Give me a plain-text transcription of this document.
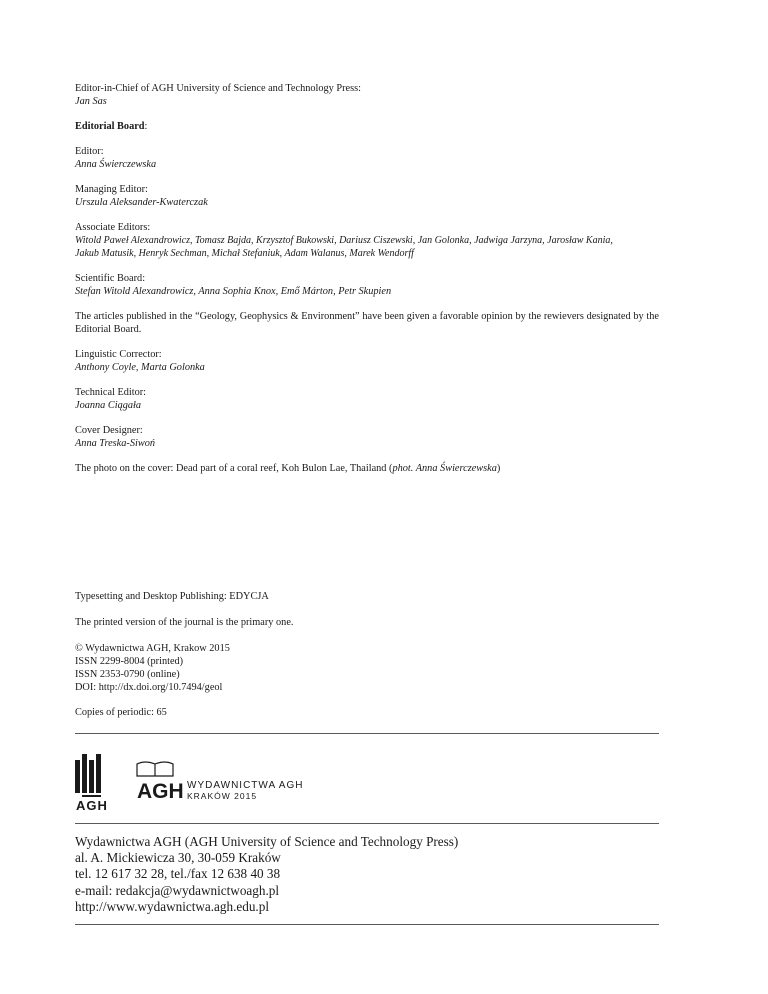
Editor-in-Chief of AGH University of Science and Technology Press:
Jan Sas
Editorial Board:
Editor:
Anna Świerczewska
Managing Editor:
Urszula Aleksander-Kwaterczak
Associate Editors:
Witold Paweł Alexandrowicz, Tomasz Bajda, Krzysztof Bukowski, Dariusz Ciszewski, Jan Golonka, Jadwiga Jarzyna, Jarosław Kania,
Jakub Matusik, Henryk Sechman, Michał Stefaniuk, Adam Walanus, Marek Wendorff
Scientific Board:
Stefan Witold Alexandrowicz, Anna Sophia Knox, Emő Márton, Petr Skupien
The articles published in the “Geology, Geophysics & Environment” have been given a favorable opinion by the rewievers designated by the Editorial Board.
Linguistic Corrector:
Anthony Coyle, Marta Golonka
Technical Editor:
Joanna Ciągała
Cover Designer:
Anna Treska-Siwoń
The photo on the cover: Dead part of a coral reef, Koh Bulon Lae, Thailand (phot. Anna Świerczewska)
Typesetting and Desktop Publishing: EDYCJA
The printed version of the journal is the primary one.
© Wydawnictwa AGH, Krakow 2015
ISSN 2299-8004 (printed)
ISSN 2353-0790 (online)
DOI: http://dx.doi.org/10.7494/geol
Copies of periodic: 65
AGH
AGH WYDAWNICTWA AGH
KRAKÓW 2015
Wydawnictwa AGH (AGH University of Science and Technology Press)
al. A. Mickiewicza 30, 30-059 Kraków
tel. 12 617 32 28, tel./fax 12 638 40 38
e-mail: redakcja@wydawnictwoagh.pl
http://www.wydawnictwa.agh.edu.pl
